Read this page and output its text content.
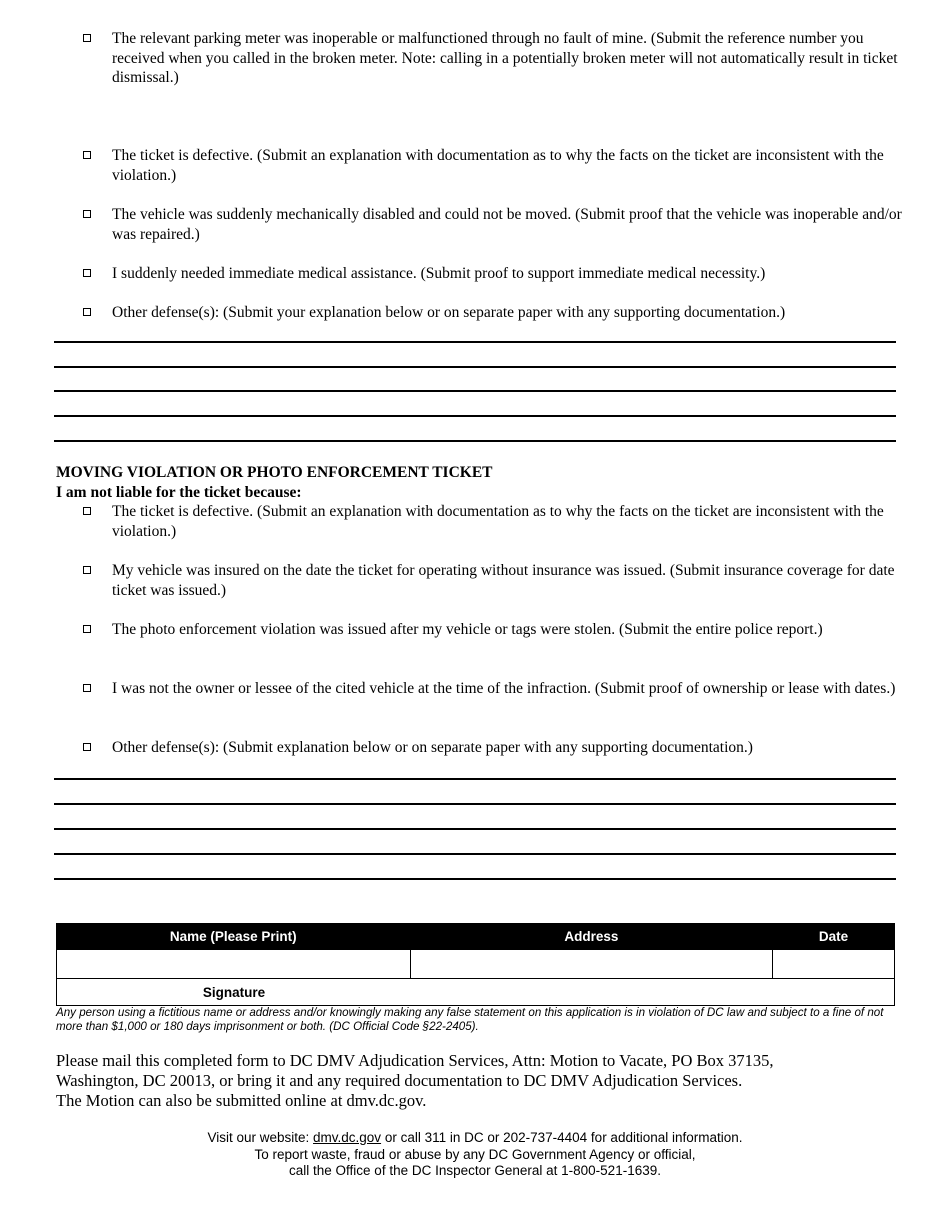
The relevant parking meter was inoperable or malfunctioned through no fault of mine. (Submit the reference number you received when you called in the broken meter. Note: calling in a potentially broken meter will not automatically result in ticket dismissal.)
The ticket is defective. (Submit an explanation with documentation as to why the facts on the ticket are inconsistent with the violation.)
The vehicle was suddenly mechanically disabled and could not be moved. (Submit proof that the vehicle was inoperable and/or was repaired.)
I suddenly needed immediate medical assistance. (Submit proof to support immediate medical necessity.)
Other defense(s): (Submit your explanation below or on separate paper with any supporting documentation.)
MOVING VIOLATION OR PHOTO ENFORCEMENT TICKET
I am not liable for the ticket because:
The ticket is defective. (Submit an explanation with documentation as to why the facts on the ticket are inconsistent with the violation.)
My vehicle was insured on the date the ticket for operating without insurance was issued. (Submit insurance coverage for date ticket was issued.)
The photo enforcement violation was issued after my vehicle or tags were stolen. (Submit the entire police report.)
I was not the owner or lessee of the cited vehicle at the time of the infraction. (Submit proof of ownership or lease with dates.)
Other defense(s): (Submit explanation below or on separate paper with any supporting documentation.)
Name (Please Print)	Address	Date

Signature		
Any person using a fictitious name or address and/or knowingly making any false statement on this application is in violation of DC law and subject to a fine of not more than $1,000 or 180 days imprisonment or both. (DC Official Code §22-2405).
Please mail this completed form to DC DMV Adjudication Services, Attn: Motion to Vacate, PO Box 37135,
Washington, DC 20013, or bring it and any required documentation to DC DMV Adjudication Services.
The Motion can also be submitted online at dmv.dc.gov.
Visit our website: dmv.dc.gov or call 311 in DC or 202-737-4404 for additional information.
To report waste, fraud or abuse by any DC Government Agency or official,
call the Office of the DC Inspector General at 1-800-521-1639.
